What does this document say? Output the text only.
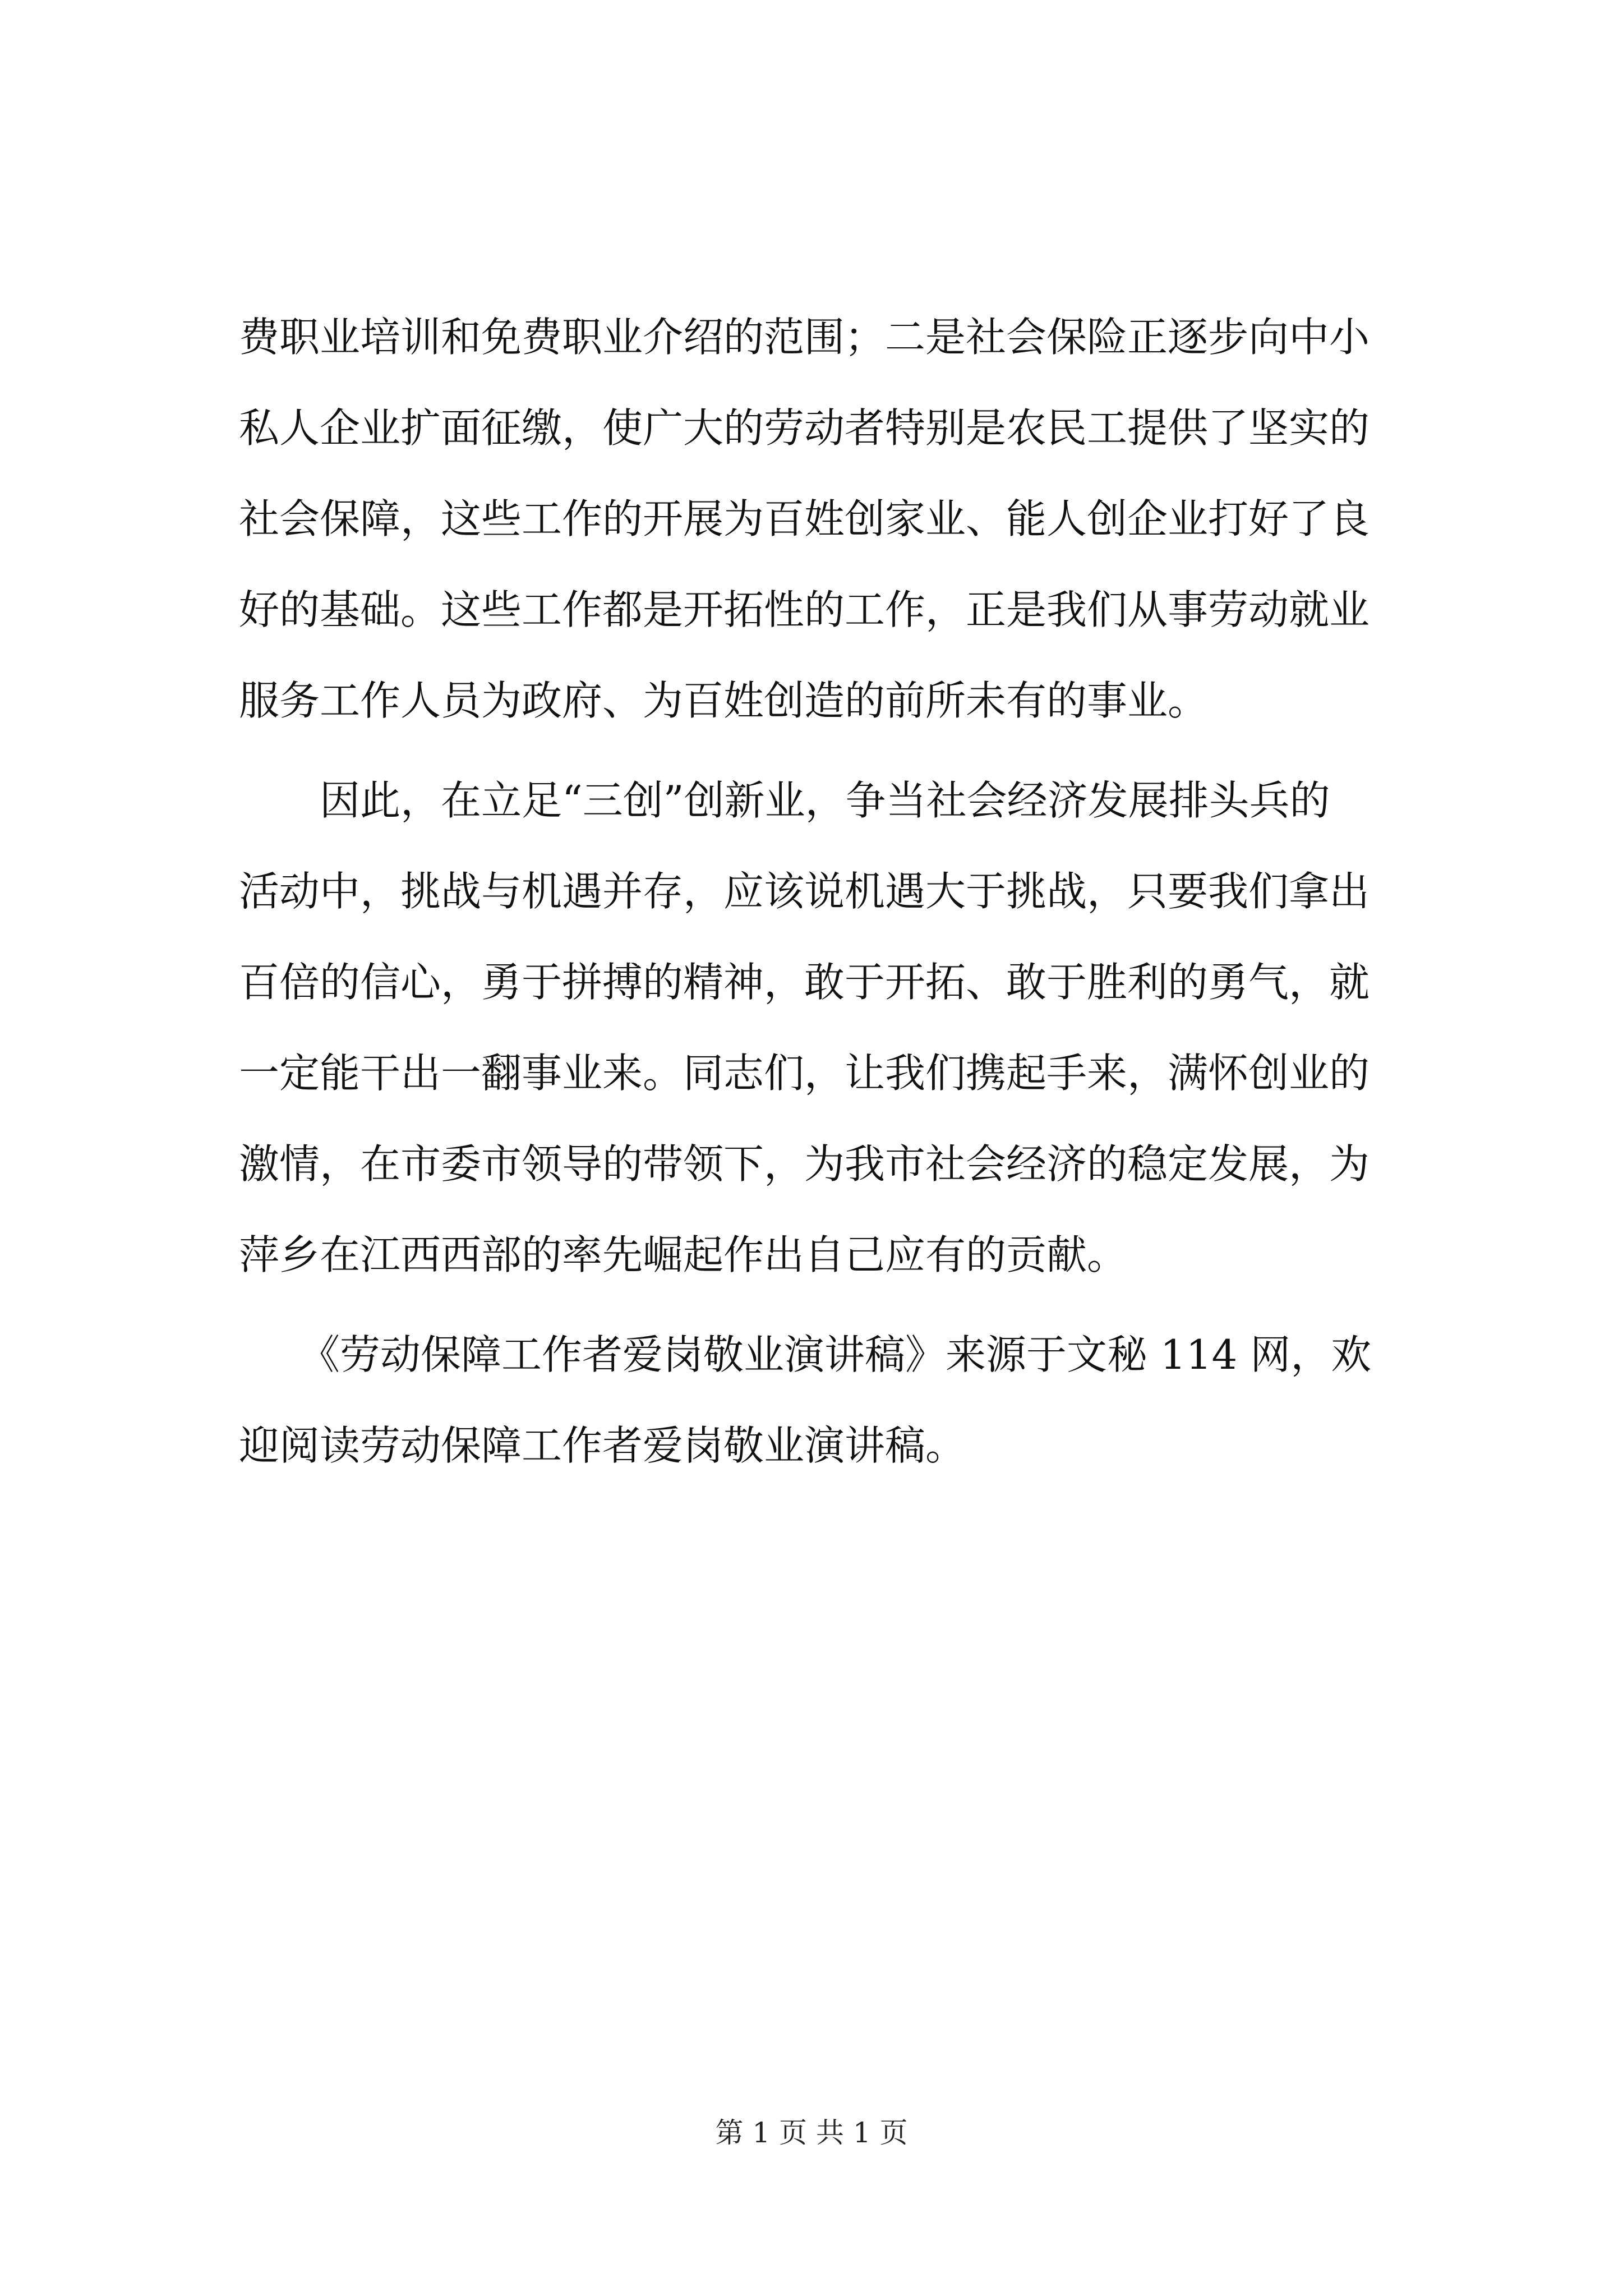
费职业培训和免费职业介绍的范围；二是社会保险正逐步向中小
私人企业扩面征缴，使广大的劳动者特别是农民工提供了坚实的
社会保障，这些工作的开展为百姓创家业、能人创企业打好了良
好的基础。这些工作都是开拓性的工作，正是我们从事劳动就业
服务工作人员为政府、为百姓创造的前所未有的事业。
　　因此，在立足“三创”创新业，争当社会经济发展排头兵的
活动中，挑战与机遇并存，应该说机遇大于挑战，只要我们拿出
百倍的信心，勇于拼搏的精神，敢于开拓、敢于胜利的勇气，就
一定能干出一翻事业来。同志们，让我们携起手来，满怀创业的
激情，在市委市领导的带领下，为我市社会经济的稳定发展，为
萍乡在江西西部的率先崛起作出自己应有的贡献。
　　《劳动保障工作者爱岗敬业演讲稿》来源于文秘 114 网，欢
迎阅读劳动保障工作者爱岗敬业演讲稿。
第 1 页 共 1 页
